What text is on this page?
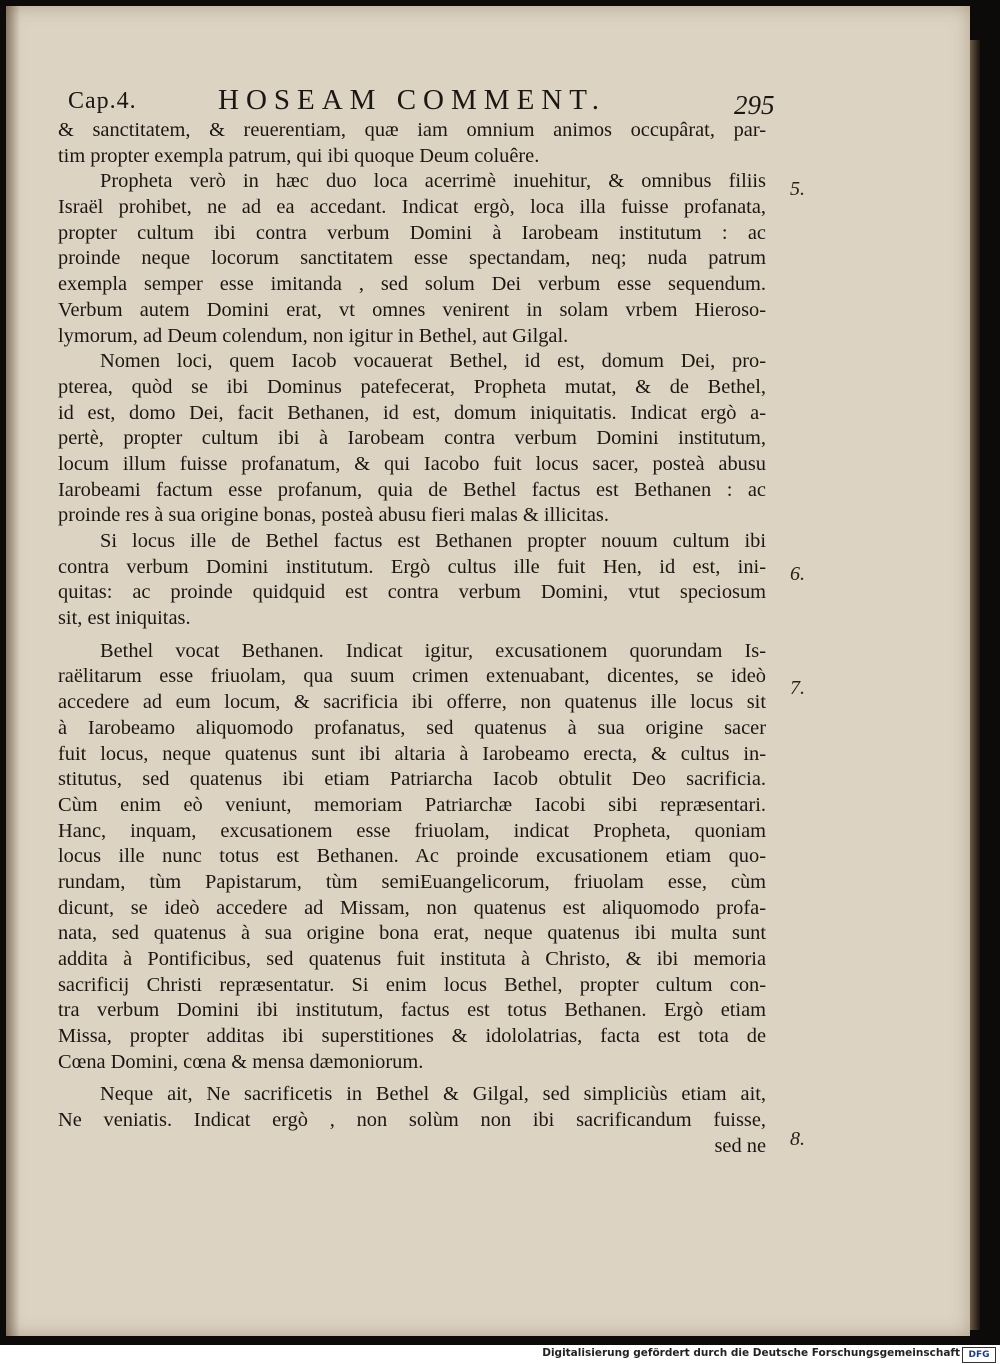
Cap.4.	HOSEAM COMMENT.	295
& sanctitatem, & reuerentiam, quæ iam omnium animos occupârat, par-
tim propter exempla patrum, qui ibi quoque Deum coluêre.
Propheta verò in hæc duo loca acerrimè inuehitur, & omnibus filiis
Israël prohibet, ne ad ea accedant. Indicat ergò, loca illa fuisse profanata,
propter cultum ibi contra verbum Domini à Iarobeam institutum : ac
proinde neque locorum sanctitatem esse spectandam, neq; nuda patrum
exempla semper esse imitanda , sed solum Dei verbum esse sequendum.
Verbum autem Domini erat, vt omnes venirent in solam vrbem Hieroso-
lymorum, ad Deum colendum, non igitur in Bethel, aut Gilgal.
Nomen loci, quem Iacob vocauerat Bethel, id est, domum Dei, pro-
pterea, quòd se ibi Dominus patefecerat, Propheta mutat, & de Bethel,
id est, domo Dei, facit Bethanen, id est, domum iniquitatis. Indicat ergò a-
pertè, propter cultum ibi à Iarobeam contra verbum Domini institutum,
locum illum fuisse profanatum, & qui Iacobo fuit locus sacer, posteà abusu
Iarobeami factum esse profanum, quia de Bethel factus est Bethanen : ac
proinde res à sua origine bonas, posteà abusu fieri malas & illicitas.
Si locus ille de Bethel factus est Bethanen propter nouum cultum ibi
contra verbum Domini institutum. Ergò cultus ille fuit Hen, id est, ini-
quitas: ac proinde quidquid est contra verbum Domini, vtut speciosum
sit, est iniquitas.
Bethel vocat Bethanen. Indicat igitur, excusationem quorundam Is-
raëlitarum esse friuolam, qua suum crimen extenuabant, dicentes, se ideò
accedere ad eum locum, & sacrificia ibi offerre, non quatenus ille locus sit
à Iarobeamo aliquomodo profanatus, sed quatenus à sua origine sacer
fuit locus, neque quatenus sunt ibi altaria à Iarobeamo erecta, & cultus in-
stitutus, sed quatenus ibi etiam Patriarcha Iacob obtulit Deo sacrificia.
Cùm enim eò veniunt, memoriam Patriarchæ Iacobi sibi repræsentari.
Hanc, inquam, excusationem esse friuolam, indicat Propheta, quoniam
locus ille nunc totus est Bethanen. Ac proinde excusationem etiam quo-
rundam, tùm Papistarum, tùm semiEuangelicorum, friuolam esse, cùm
dicunt, se ideò accedere ad Missam, non quatenus est aliquomodo profa-
nata, sed quatenus à sua origine bona erat, neque quatenus ibi multa sunt
addita à Pontificibus, sed quatenus fuit instituta à Christo, & ibi memoria
sacrificij Christi repræsentatur. Si enim locus Bethel, propter cultum con-
tra verbum Domini ibi institutum, factus est totus Bethanen. Ergò etiam
Missa, propter additas ibi superstitiones & idololatrias, facta est tota de
Cœna Domini, cœna & mensa dæmoniorum.
Neque ait, Ne sacrificetis in Bethel & Gilgal, sed simpliciùs etiam ait,
Ne veniatis. Indicat ergò , non solùm non ibi sacrificandum fuisse,
sed ne
5.
6.
7.
8.
Digitalisierung gefördert durch die Deutsche Forschungsgemeinschaft DFG
